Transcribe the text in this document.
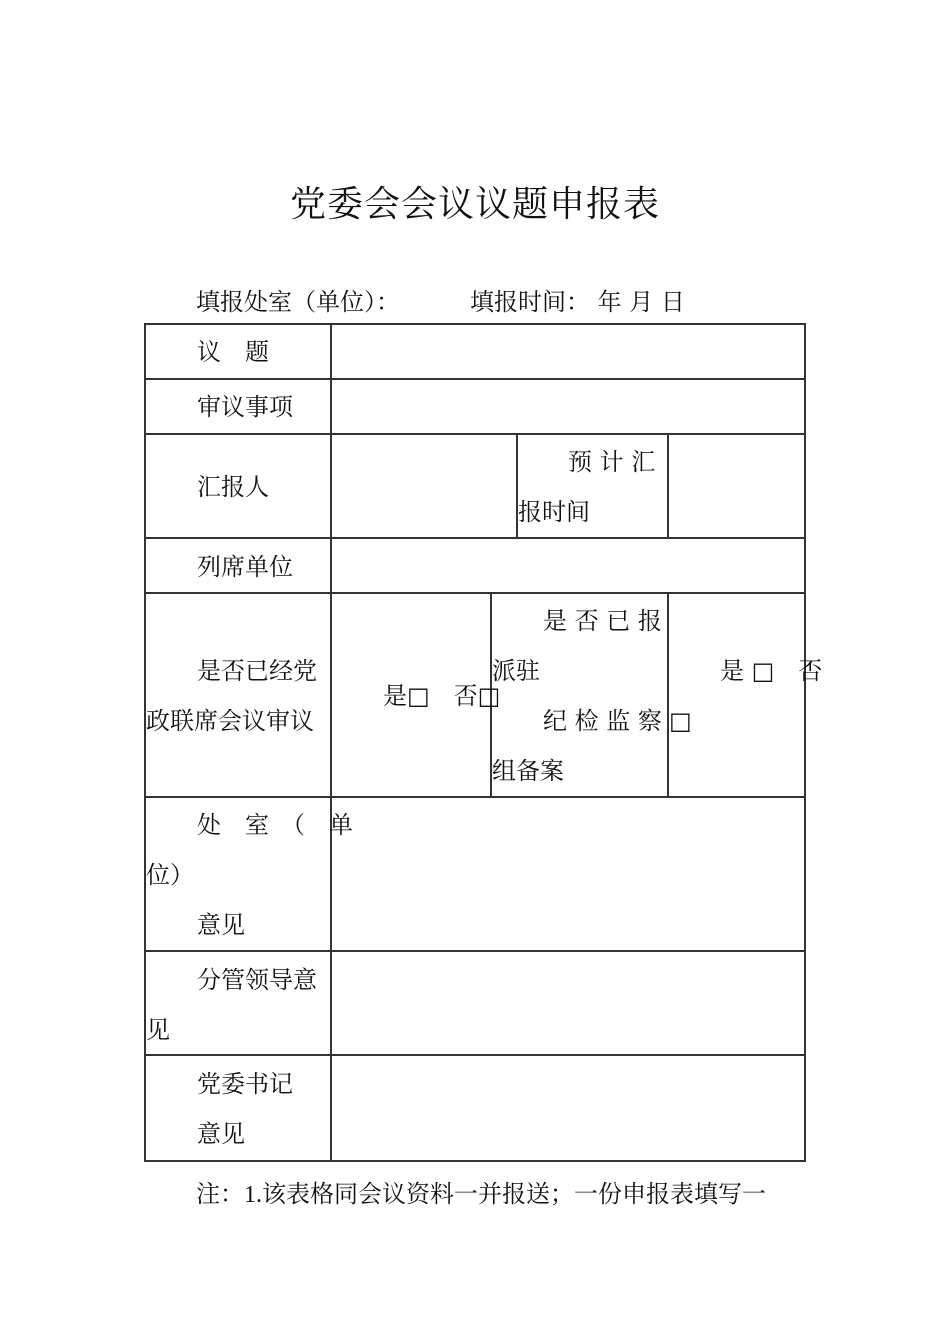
党委会会议议题申报表
填报处室（单位）：	填报时间： 年 月 日
议　题
审议事项
汇报人
预 计 汇
报时间
列席单位
是否已经党
政联席会议审议
是□　否□
是 否 已 报
派驻
纪 检 监 察
组备案
是 □　否
□
处　室　（　单
位）
意见
分管领导意
见
党委书记
意见
注：1.该表格同会议资料一并报送；一份申报表填写一
